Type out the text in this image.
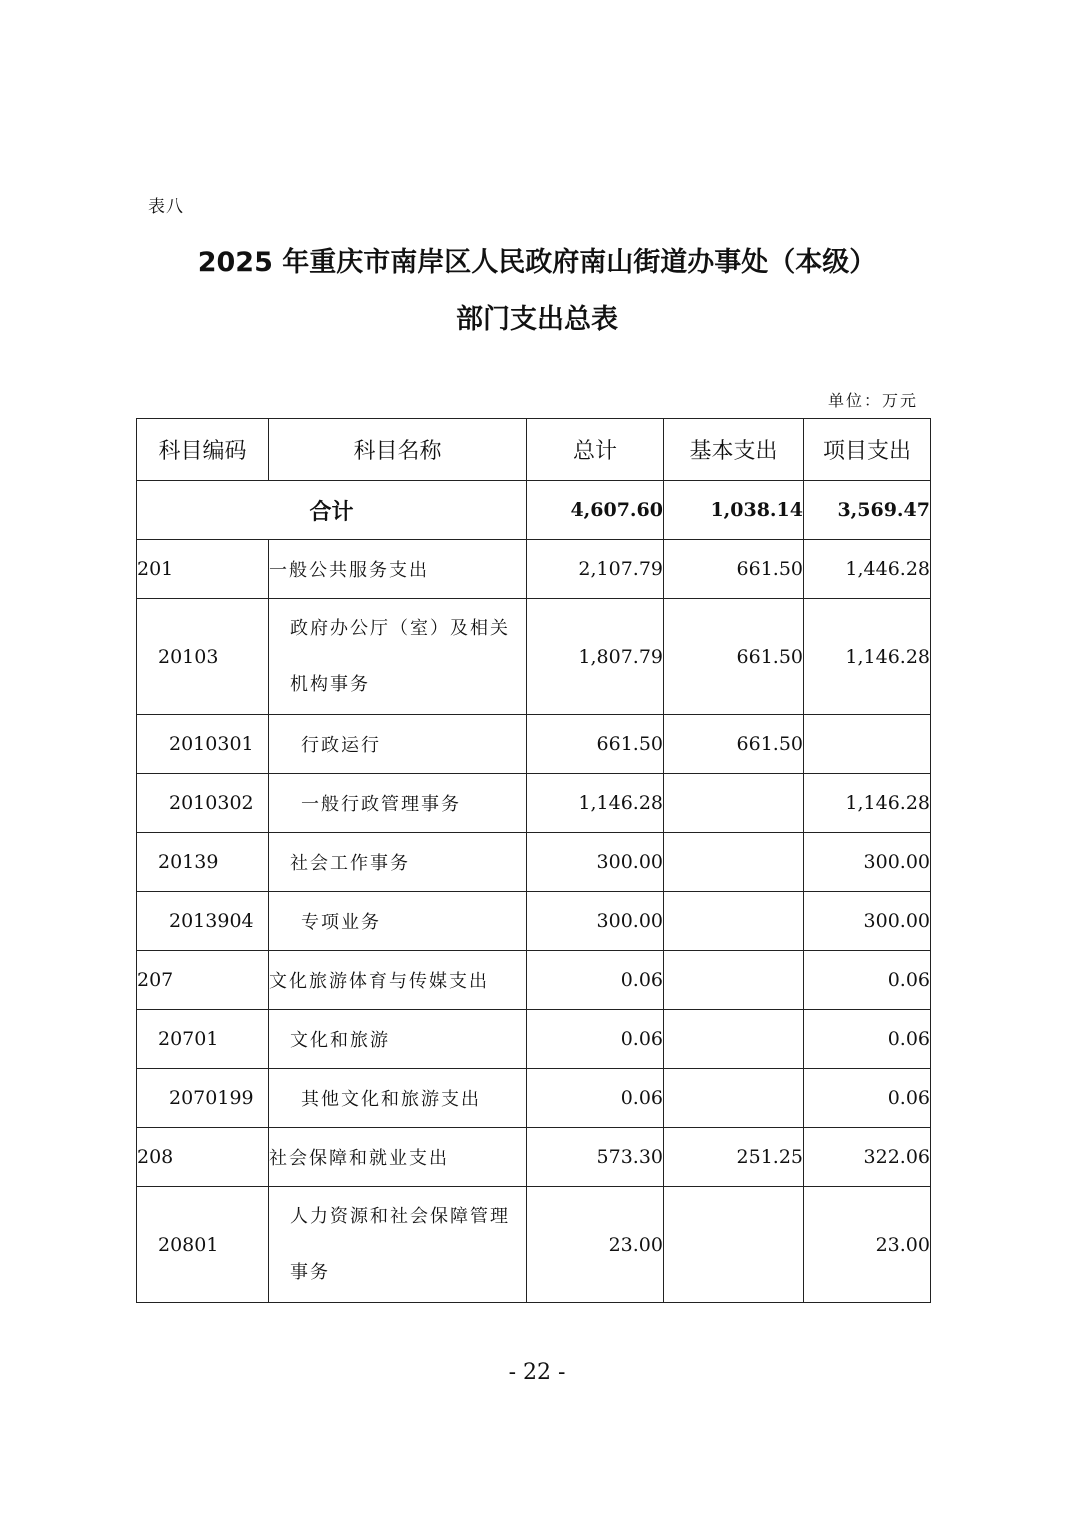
表八
2025 年重庆市南岸区人民政府南山街道办事处（本级）
部门支出总表
单位：万元
科目编码	科目名称	总计	基本支出	项目支出
合计		4,607.60	1,038.14	3,569.47
201	一般公共服务支出	2,107.79	661.50	1,446.28
20103	政府办公厅（室）及相关机构事务	1,807.79	661.50	1,146.28
2010301	行政运行	661.50	661.50	
2010302	一般行政管理事务	1,146.28		1,146.28
20139	社会工作事务	300.00		300.00
2013904	专项业务	300.00		300.00
207	文化旅游体育与传媒支出	0.06		0.06
20701	文化和旅游	0.06		0.06
2070199	其他文化和旅游支出	0.06		0.06
208	社会保障和就业支出	573.30	251.25	322.06
20801	人力资源和社会保障管理事务	23.00		23.00
- 22 -
